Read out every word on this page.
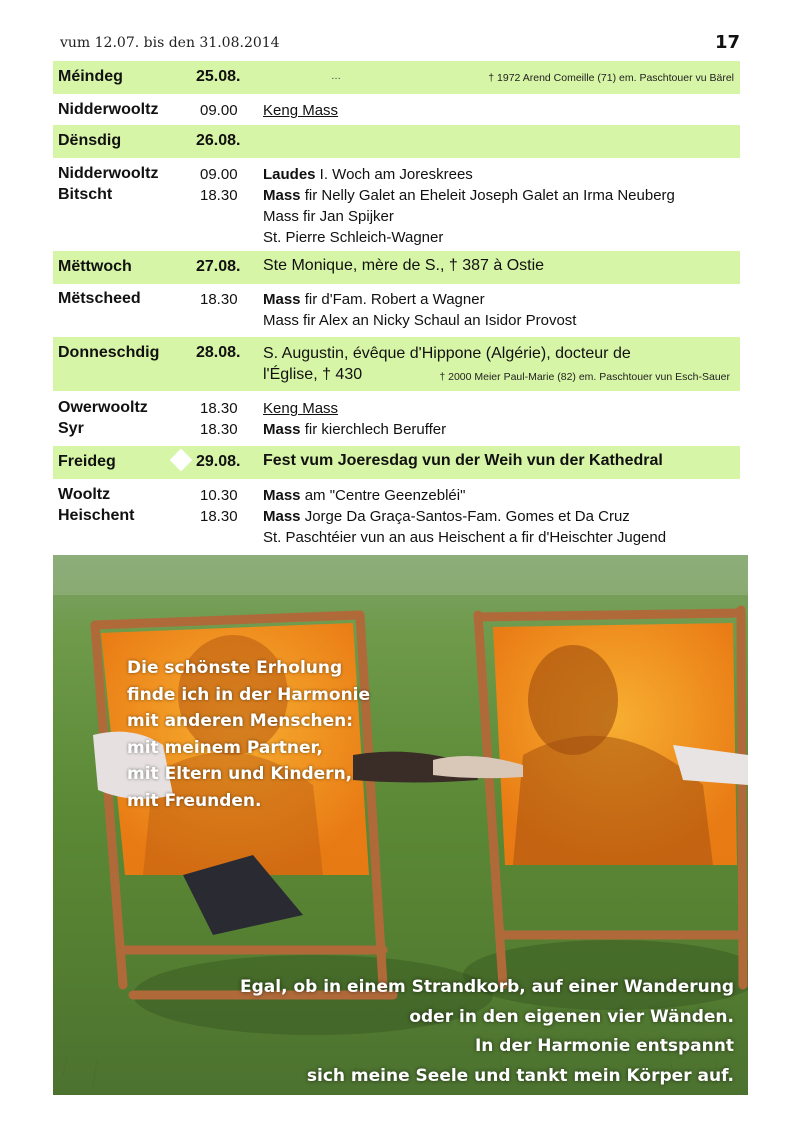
vum 12.07. bis den 31.08.2014	17
Méindeg	25.08.	…	† 1972 Arend Comeille (71) em. Paschtouer vu Bärel
Nidderwooltz	09.00 Keng Mass
Dënsdig	26.08.
Nidderwooltz	09.00 Laudes I. Woch am Joreskrees
Bitscht	18.30 Mass fir Nelly Galet an Eheleit Joseph Galet an Irma Neuberg
Mass fir Jan Spijker
St. Pierre Schleich-Wagner
Mëttwoch	27.08. Ste Monique, mère de S., † 387 à Ostie
Mëtscheed	18.30 Mass fir d'Fam. Robert a Wagner
Mass fir Alex an Nicky Schaul an Isidor Provost
Donneschdig 28.08. S. Augustin, évêque d'Hippone (Algérie), docteur de
l'Église, † 430	† 2000 Meier Paul-Marie (82) em. Paschtouer vun Esch-Sauer
Owerwooltz	18.30 Keng Mass
Syr	18.30 Mass fir kierchlech Beruffer
Freideg	29.08. Fest vum Joeresdag vun der Weih vun der Kathedral
Wooltz	10.30 Mass am "Centre Geenzebléi"
Heischent	18.30 Mass Jorge Da Graça-Santos-Fam. Gomes et Da Cruz
St. Paschtéier vun an aus Heischent a fir d'Heischter Jugend
Die schönste Erholung
finde ich in der Harmonie
mit anderen Menschen:
mit meinem Partner,
mit Eltern und Kindern,
mit Freunden.
Egal, ob in einem Strandkorb, auf einer Wanderung
oder in den eigenen vier Wänden.
In der Harmonie entspannt
sich meine Seele und tankt mein Körper auf.
